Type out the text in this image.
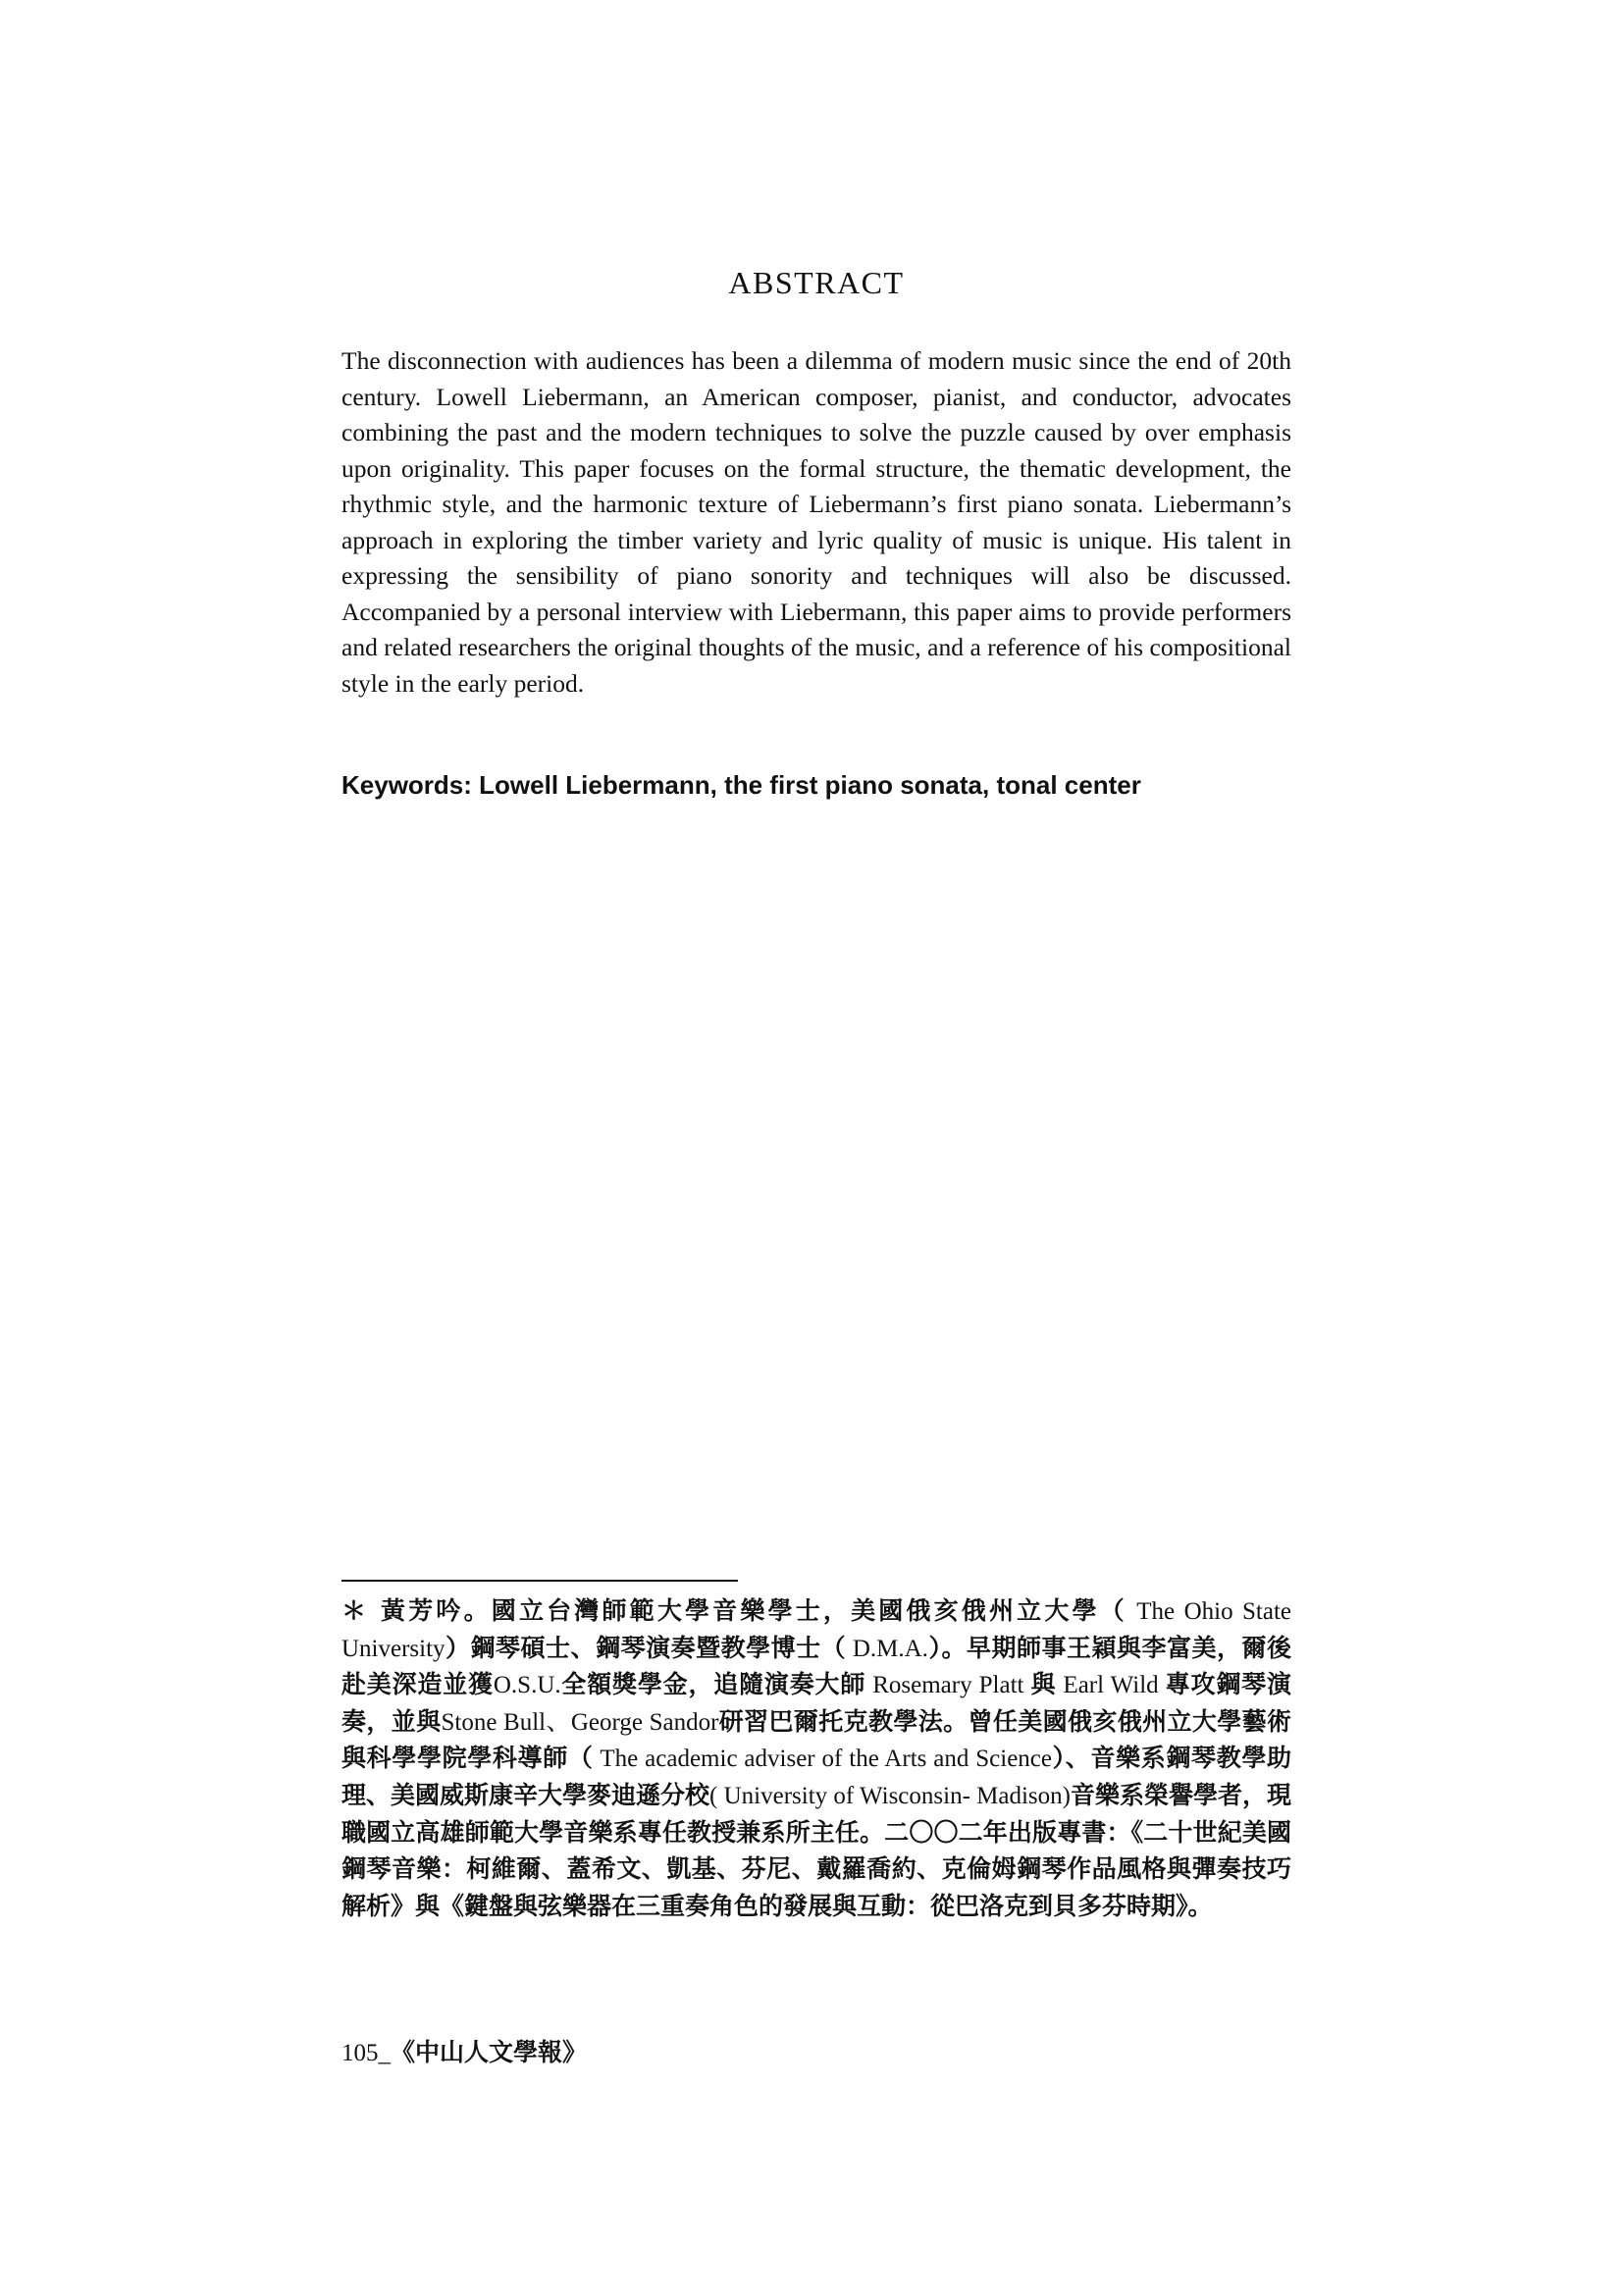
ABSTRACT

The disconnection with audiences has been a dilemma of modern music since the end of 20th century. Lowell Liebermann, an American composer, pianist, and conductor, advocates combining the past and the modern techniques to solve the puzzle caused by over emphasis upon originality. This paper focuses on the formal structure, the thematic development, the rhythmic style, and the harmonic texture of Liebermann’s first piano sonata. Liebermann’s approach in exploring the timber variety and lyric quality of music is unique. His talent in expressing the sensibility of piano sonority and techniques will also be discussed. Accompanied by a personal interview with Liebermann, this paper aims to provide performers and related researchers the original thoughts of the music, and a reference of his compositional style in the early period.

Keywords: Lowell Liebermann, the first piano sonata, tonal center

＊ 黃芳吟。國立台灣師範大學音樂學士，美國俄亥俄州立大學（ The Ohio State University）鋼琴碩士、鋼琴演奏暨教學博士（ D.M.A.）。早期師事王穎與李富美，爾後赴美深造並獲O.S.U.全額獎學金，追隨演奏大師 Rosemary Platt 與 Earl Wild 專攻鋼琴演奏，並與Stone Bull、George Sandor研習巴爾托克教學法。曾任美國俄亥俄州立大學藝術與科學學院學科導師（ The academic adviser of the Arts and Science）、音樂系鋼琴教學助理、美國威斯康辛大學麥迪遜分校( University of Wisconsin- Madison)音樂系榮譽學者，現職國立高雄師範大學音樂系專任教授兼系所主任。二〇〇二年出版專書：《二十世紀美國鋼琴音樂：柯維爾、蓋希文、凱基、芬尼、戴羅喬約、克倫姆鋼琴作品風格與彈奏技巧解析》與《鍵盤與弦樂器在三重奏角色的發展與互動：從巴洛克到貝多芬時期》。

105_《中山人文學報》
